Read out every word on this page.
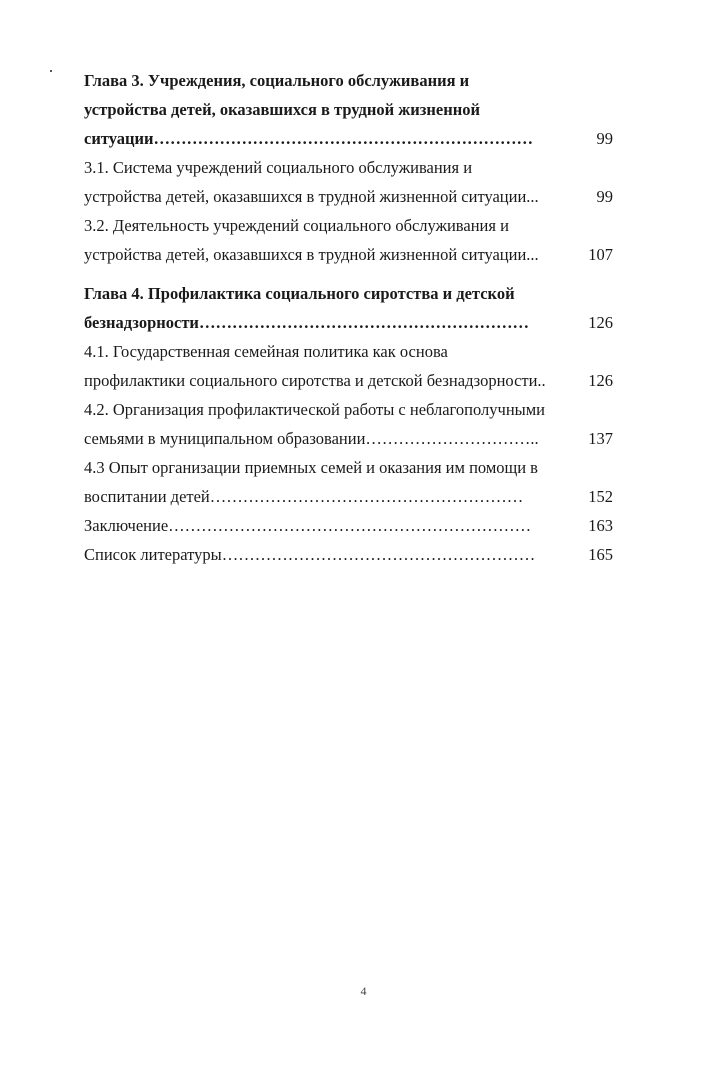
Глава 3. Учреждения, социального обслуживания и
устройства детей, оказавшихся в трудной жизненной
ситуации……………………………………………………………	99
3.1. Система учреждений социального обслуживания и
устройства детей, оказавшихся в трудной жизненной ситуации...	99
3.2. Деятельность учреждений социального обслуживания и
устройства детей, оказавшихся в трудной жизненной ситуации...	107
Глава 4. Профилактика социального сиротства и детской
безнадзорности……………………………………………………	126
4.1. Государственная семейная политика как основа
профилактики социального сиротства и детской безнадзорности..	126
4.2. Организация профилактической работы с неблагополучными
семьями в муниципальном образовании…………………………..	137
4.3 Опыт организации приемных семей и оказания им помощи в
воспитании детей…………………………………………………	152
Заключение…………………………………………………………	163
Список литературы…………………………………………………	165
4
